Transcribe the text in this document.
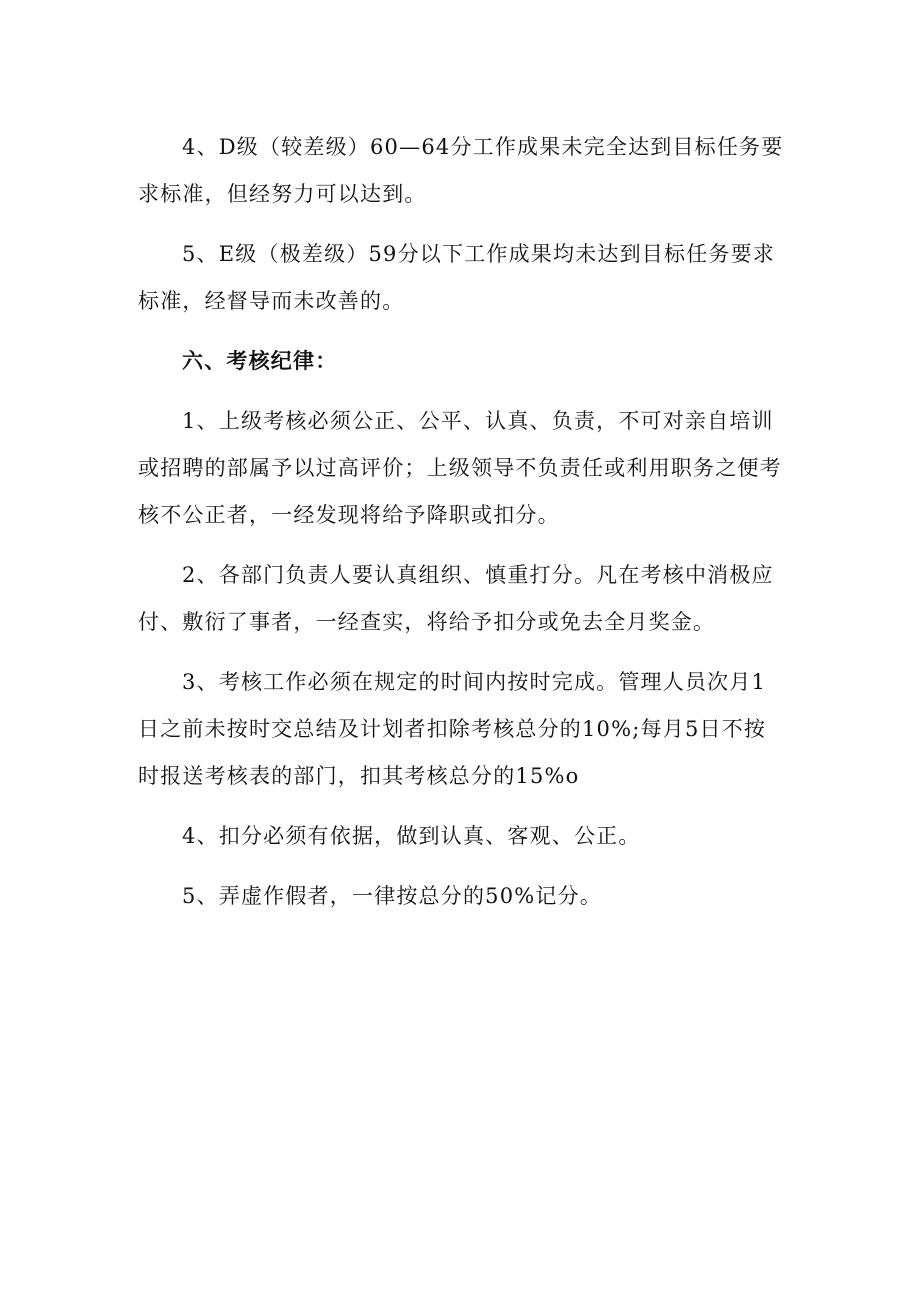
4、D级（较差级）60—64分工作成果未完全达到目标任务要求标准，但经努力可以达到。

5、E级（极差级）59分以下工作成果均未达到目标任务要求标准，经督导而未改善的。

六、考核纪律：

1、上级考核必须公正、公平、认真、负责，不可对亲自培训或招聘的部属予以过高评价；上级领导不负责任或利用职务之便考核不公正者，一经发现将给予降职或扣分。

2、各部门负责人要认真组织、慎重打分。凡在考核中消极应付、敷衍了事者，一经查实，将给予扣分或免去全月奖金。

3、考核工作必须在规定的时间内按时完成。管理人员次月1日之前未按时交总结及计划者扣除考核总分的10%;每月5日不按时报送考核表的部门，扣其考核总分的15%o

4、扣分必须有依据，做到认真、客观、公正。

5、弄虚作假者，一律按总分的50%记分。
